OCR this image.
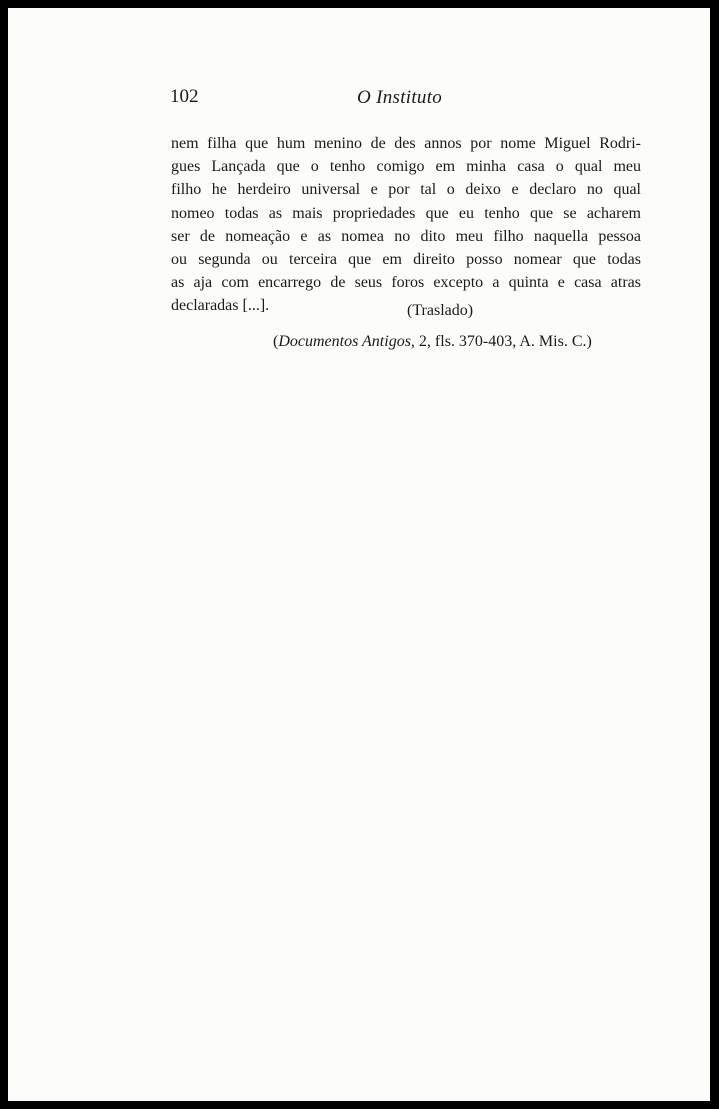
102	O Instituto
nem filha que hum menino de des annos por nome Miguel Rodri-
gues Lançada que o tenho comigo em minha casa o qual meu
filho he herdeiro universal e por tal o deixo e declaro no qual
nomeo todas as mais propriedades que eu tenho que se acharem
ser de nomeação e as nomea no dito meu filho naquella pessoa
ou segunda ou terceira que em direito posso nomear que todas
as aja com encarrego de seus foros excepto a quinta e casa atras
declaradas [...].	(Traslado)
(Documentos Antigos, 2, fls. 370-403, A. Mis. C.)
